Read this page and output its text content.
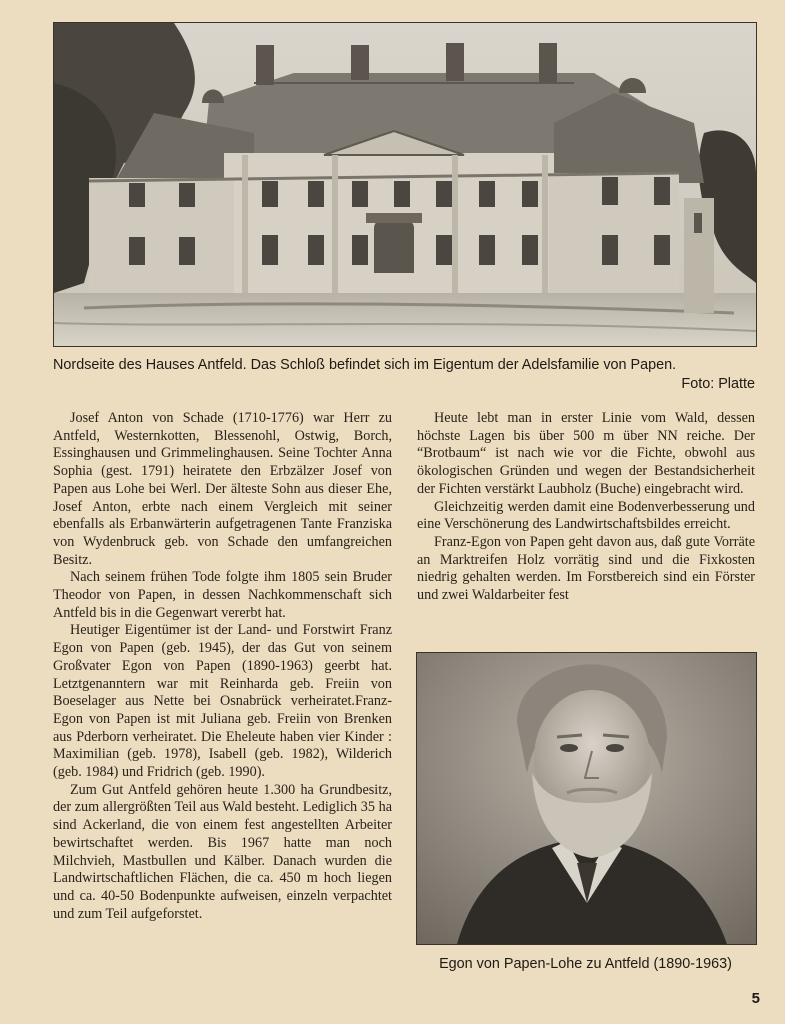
Nordseite des Hauses Antfeld. Das Schloß befindet sich im Eigentum der Adelsfamilie von Papen.
Foto: Platte

Josef Anton von Schade (1710-1776) war Herr zu Antfeld, Westernkotten, Blessenohl, Ostwig, Borch, Essinghausen und Grimmelinghausen. Seine Tochter Anna Sophia (gest. 1791) heiratete den Erbzälzer Josef von Papen aus Lohe bei Werl. Der älteste Sohn aus dieser Ehe, Josef Anton, erbte nach einem Vergleich mit seiner ebenfalls als Erbanwärterin aufgetragenen Tante Franziska von Wydenbruck geb. von Schade den umfangreichen Besitz.

Nach seinem frühen Tode folgte ihm 1805 sein Bruder Theodor von Papen, in dessen Nachkommenschaft sich Antfeld bis in die Gegenwart vererbt hat.

Heutiger Eigentümer ist der Land- und Forstwirt Franz Egon von Papen (geb. 1945), der das Gut von seinem Großvater Egon von Papen (1890-1963) geerbt hat. Letztgenanntern war mit Reinharda geb. Freiin von Boeselager aus Nette bei Osnabrück verheiratet.Franz-Egon von Papen ist mit Juliana geb. Freiin von Brenken aus Pderborn verheiratet. Die Eheleute haben vier Kinder : Maximilian (geb. 1978), Isabell (geb. 1982), Wilderich (geb. 1984) und Fridrich (geb. 1990).

Zum Gut Antfeld gehören heute 1.300 ha Grundbesitz, der zum allergrößten Teil aus Wald besteht. Lediglich 35 ha sind Ackerland, die von einem fest angestellten Arbeiter bewirtschaftet werden. Bis 1967 hatte man noch Milchvieh, Mastbullen und Kälber. Danach wurden die Landwirtschaftlichen Flächen, die ca. 450 m hoch liegen und ca. 40-50 Bodenpunkte aufweisen, einzeln verpachtet und zum Teil aufgeforstet.

Heute lebt man in erster Linie vom Wald, dessen höchste Lagen bis über 500 m über NN reiche. Der “Brotbaum“ ist nach wie vor die Fichte, obwohl aus ökologischen Gründen und wegen der Bestandsicherheit der Fichten verstärkt Laubholz (Buche) eingebracht wird.

Gleichzeitig werden damit eine Bodenverbesserung und eine Verschönerung des Landwirtschaftsbildes erreicht.

Franz-Egon von Papen geht davon aus, daß gute Vorräte an Marktreifen Holz vorrätig sind und die Fixkosten niedrig gehalten werden. Im Forstbereich sind ein Förster und zwei Waldarbeiter fest

Egon von Papen-Lohe zu Antfeld (1890-1963)
5
